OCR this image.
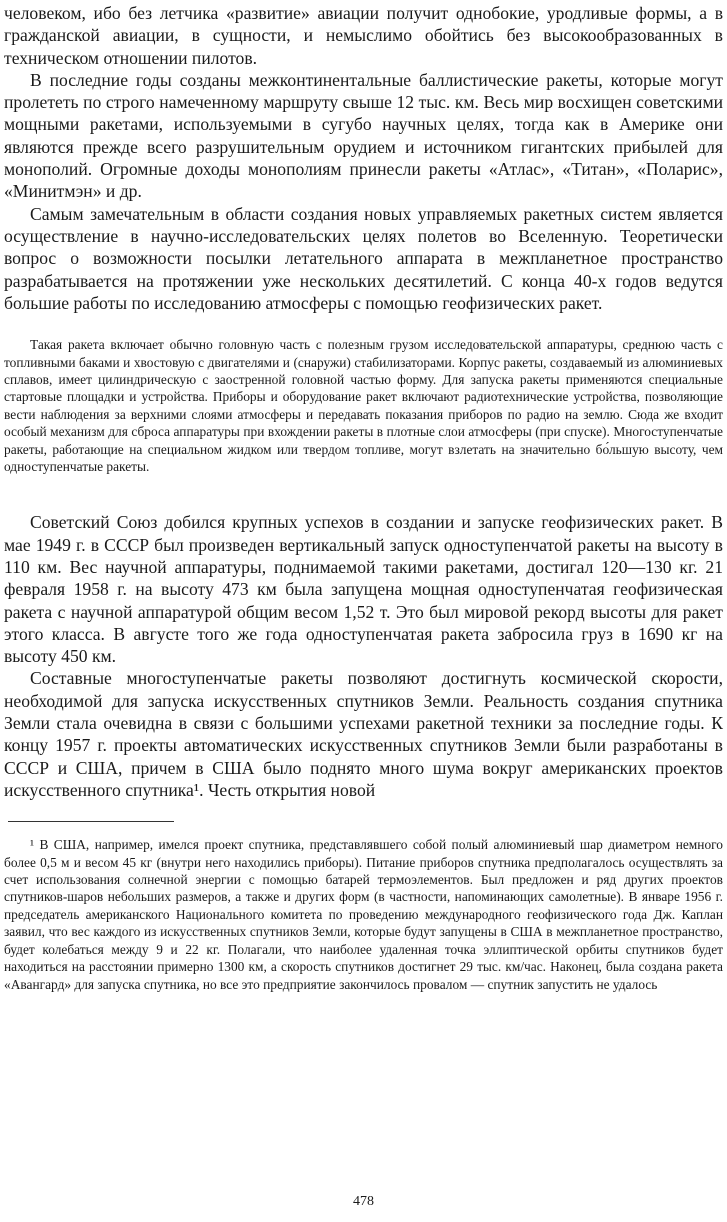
человеком, ибо без летчика «развитие» авиации получит однобокие, уродливые формы, а в гражданской авиации, в сущности, и немыслимо обойтись без высокообразованных в техническом отношении пилотов.

В последние годы созданы межконтинентальные баллистические ракеты, которые могут пролететь по строго намеченному маршруту свыше 12 тыс. км. Весь мир восхищен советскими мощными ракетами, используемыми в сугубо научных целях, тогда как в Америке они являются прежде всего разрушительным орудием и источником гигантских прибылей для монополий. Огромные доходы монополиям принесли ракеты «Атлас», «Титан», «Поларис», «Минитмэн» и др.

Самым замечательным в области создания новых управляемых ракетных систем является осуществление в научно-исследовательских целях полетов во Вселенную. Теоретически вопрос о возможности посылки летательного аппарата в межпланетное пространство разрабатывается на протяжении уже нескольких десятилетий. С конца 40-х годов ведутся большие работы по исследованию атмосферы с помощью геофизических ракет.

Такая ракета включает обычно головную часть с полезным грузом исследовательской аппаратуры, среднюю часть с топливными баками и хвостовую с двигателями и (снаружи) стабилизаторами. Корпус ракеты, создаваемый из алюминиевых сплавов, имеет цилиндрическую с заостренной головной частью форму. Для запуска ракеты применяются специальные стартовые площадки и устройства. Приборы и оборудование ракет включают радиотехнические устройства, позволяющие вести наблюдения за верхними слоями атмосферы и передавать показания приборов по радио на землю. Сюда же входит особый механизм для сброса аппаратуры при вхождении ракеты в плотные слои атмосферы (при спуске). Многоступенчатые ракеты, работающие на специальном жидком или твердом топливе, могут взлетать на значительно бо́льшую высоту, чем одноступенчатые ракеты.

Советский Союз добился крупных успехов в создании и запуске геофизических ракет. В мае 1949 г. в СССР был произведен вертикальный запуск одноступенчатой ракеты на высоту в 110 км. Вес научной аппаратуры, поднимаемой такими ракетами, достигал 120—130 кг. 21 февраля 1958 г. на высоту 473 км была запущена мощная одноступенчатая геофизическая ракета с научной аппаратурой общим весом 1,52 т. Это был мировой рекорд высоты для ракет этого класса. В августе того же года одноступенчатая ракета забросила груз в 1690 кг на высоту 450 км.

Составные многоступенчатые ракеты позволяют достигнуть космической скорости, необходимой для запуска искусственных спутников Земли. Реальность создания спутника Земли стала очевидна в связи с большими успехами ракетной техники за последние годы. К концу 1957 г. проекты автоматических искусственных спутников Земли были разработаны в СССР и США, причем в США было поднято много шума вокруг американских проектов искусственного спутника¹. Честь открытия новой

¹ В США, например, имелся проект спутника, представлявшего собой полый алюминиевый шар диаметром немного более 0,5 м и весом 45 кг (внутри него находились приборы). Питание приборов спутника предполагалось осуществлять за счет использования солнечной энергии с помощью батарей термоэлементов. Был предложен и ряд других проектов спутников-шаров небольших размеров, а также и других форм (в частности, напоминающих самолетные). В январе 1956 г. председатель американского Национального комитета по проведению международного геофизического года Дж. Каплан заявил, что вес каждого из искусственных спутников Земли, которые будут запущены в США в межпланетное пространство, будет колебаться между 9 и 22 кг. Полагали, что наиболее удаленная точка эллиптической орбиты спутников будет находиться на расстоянии примерно 1300 км, а скорость спутников достигнет 29 тыс. км/час. Наконец, была создана ракета «Авангард» для запуска спутника, но все это предприятие закончилось провалом — спутник запустить не удалось

478
